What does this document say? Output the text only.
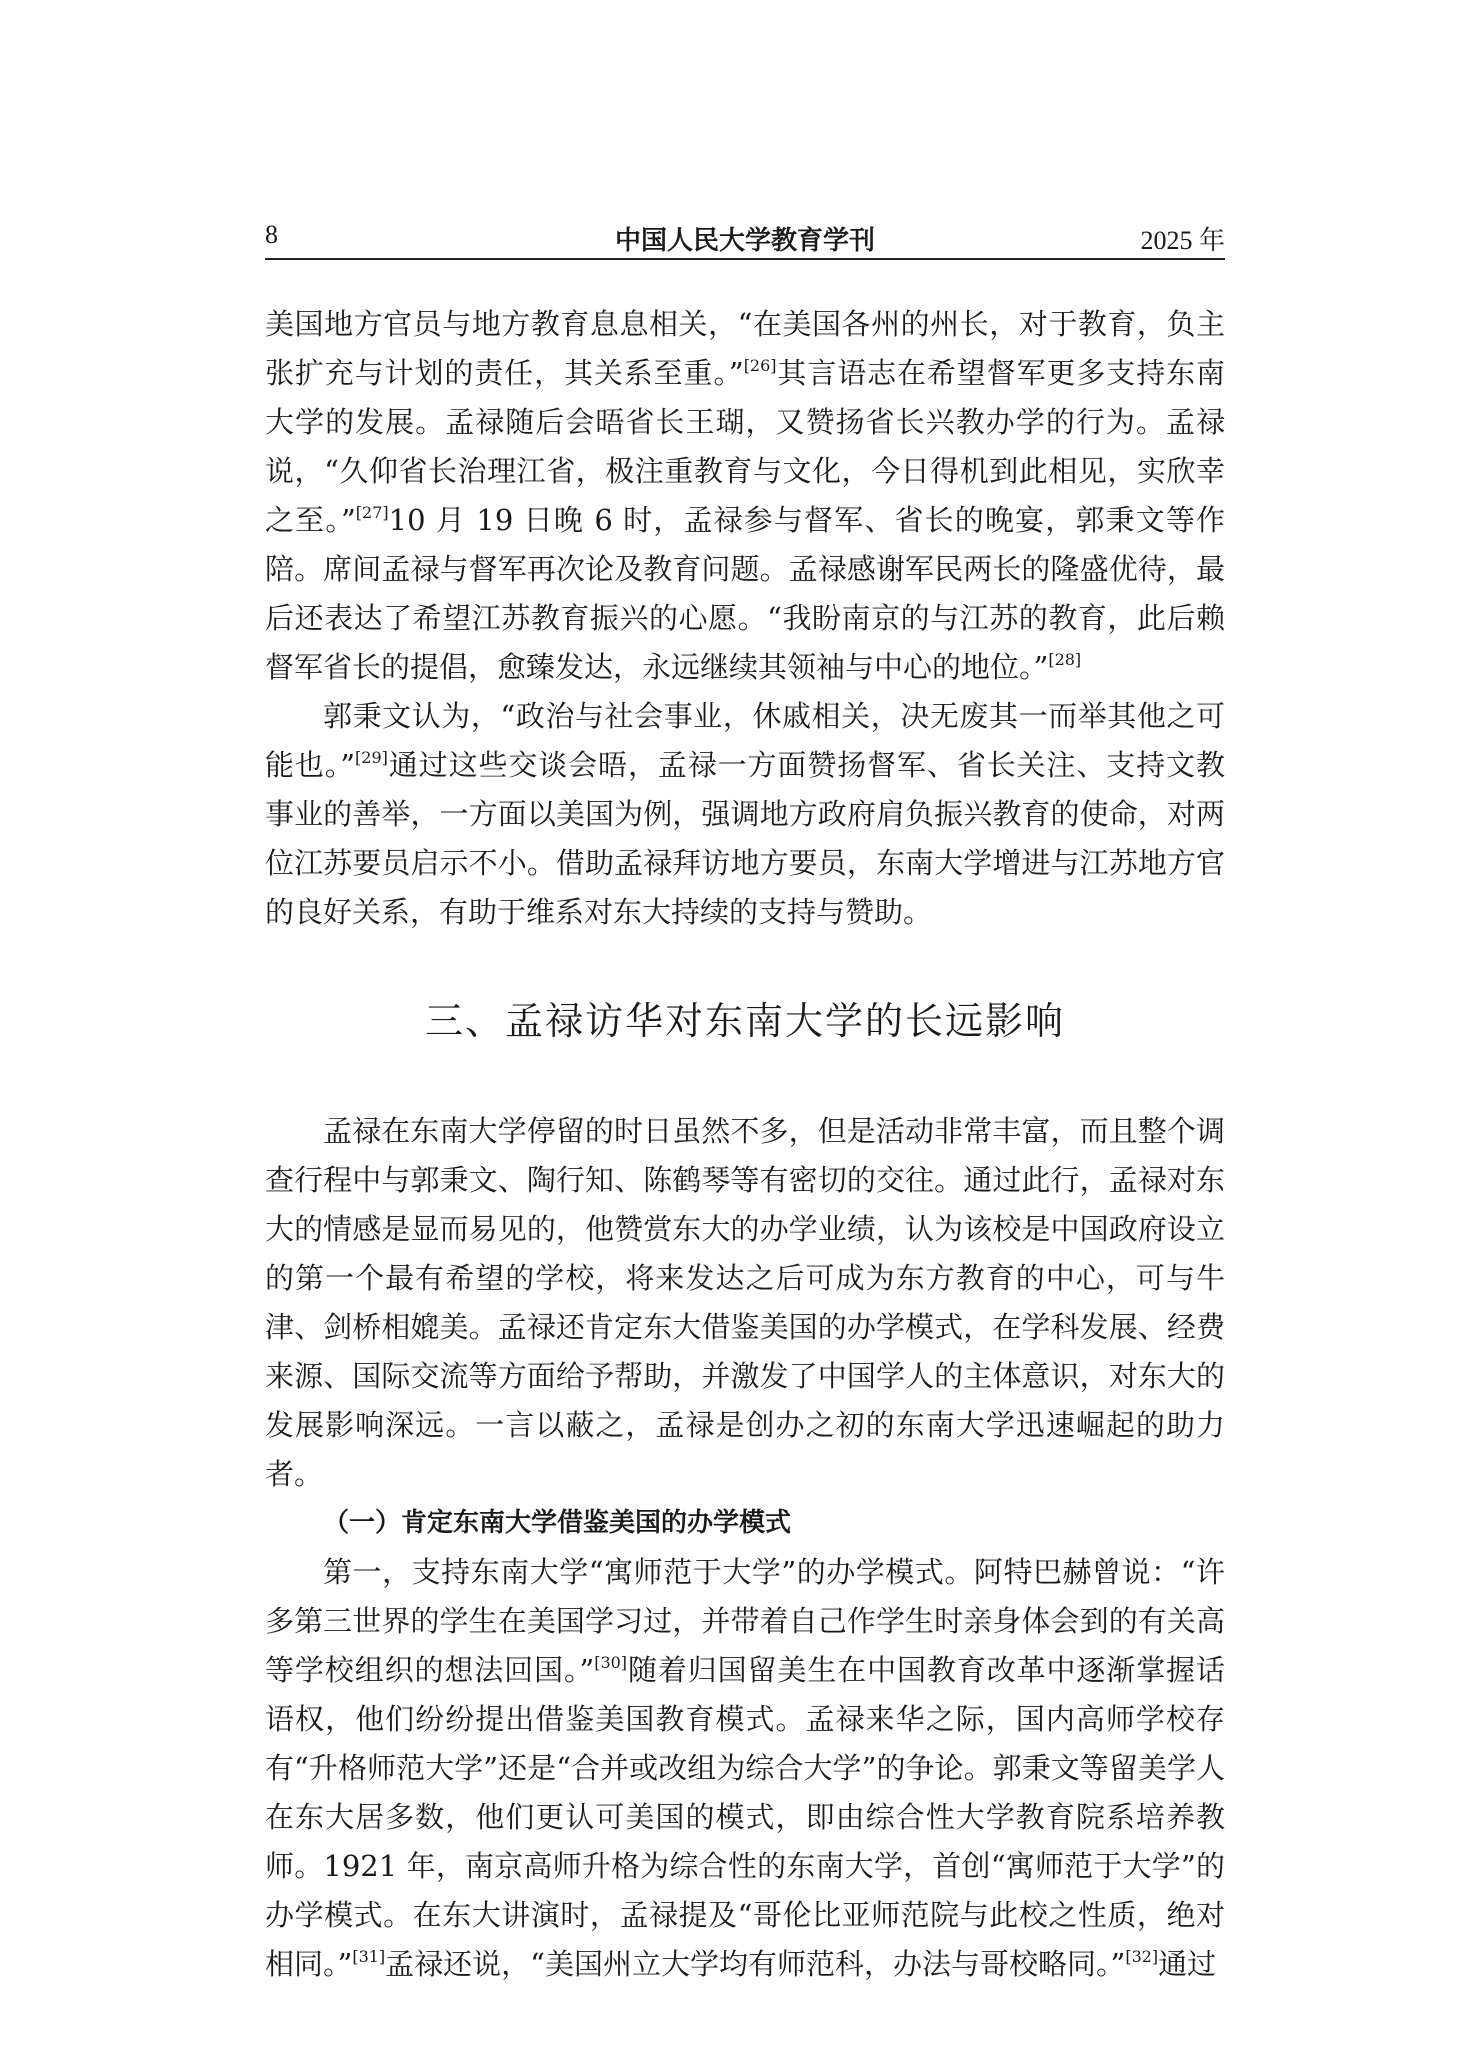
8	中国人民大学教育学刊	2025 年

美国地方官员与地方教育息息相关，“在美国各州的州长，对于教育，负主张扩充与计划的责任，其关系至重。”[26]其言语志在希望督军更多支持东南大学的发展。孟禄随后会晤省长王瑚，又赞扬省长兴教办学的行为。孟禄说，“久仰省长治理江省，极注重教育与文化，今日得机到此相见，实欣幸之至。”[27]10 月 19 日晚 6 时，孟禄参与督军、省长的晚宴，郭秉文等作陪。席间孟禄与督军再次论及教育问题。孟禄感谢军民两长的隆盛优待，最后还表达了希望江苏教育振兴的心愿。“我盼南京的与江苏的教育，此后赖督军省长的提倡，愈臻发达，永远继续其领袖与中心的地位。”[28]

郭秉文认为，“政治与社会事业，休戚相关，决无废其一而举其他之可能也。”[29]通过这些交谈会晤，孟禄一方面赞扬督军、省长关注、支持文教事业的善举，一方面以美国为例，强调地方政府肩负振兴教育的使命，对两位江苏要员启示不小。借助孟禄拜访地方要员，东南大学增进与江苏地方官的良好关系，有助于维系对东大持续的支持与赞助。

三、孟禄访华对东南大学的长远影响

孟禄在东南大学停留的时日虽然不多，但是活动非常丰富，而且整个调查行程中与郭秉文、陶行知、陈鹤琴等有密切的交往。通过此行，孟禄对东大的情感是显而易见的，他赞赏东大的办学业绩，认为该校是中国政府设立的第一个最有希望的学校，将来发达之后可成为东方教育的中心，可与牛津、剑桥相媲美。孟禄还肯定东大借鉴美国的办学模式，在学科发展、经费来源、国际交流等方面给予帮助，并激发了中国学人的主体意识，对东大的发展影响深远。一言以蔽之，孟禄是创办之初的东南大学迅速崛起的助力者。

（一）肯定东南大学借鉴美国的办学模式

第一，支持东南大学“寓师范于大学”的办学模式。阿特巴赫曾说：“许多第三世界的学生在美国学习过，并带着自己作学生时亲身体会到的有关高等学校组织的想法回国。”[30]随着归国留美生在中国教育改革中逐渐掌握话语权，他们纷纷提出借鉴美国教育模式。孟禄来华之际，国内高师学校存有“升格师范大学”还是“合并或改组为综合大学”的争论。郭秉文等留美学人在东大居多数，他们更认可美国的模式，即由综合性大学教育院系培养教师。1921 年，南京高师升格为综合性的东南大学，首创“寓师范于大学”的办学模式。在东大讲演时，孟禄提及“哥伦比亚师范院与此校之性质，绝对相同。”[31]孟禄还说，“美国州立大学均有师范科，办法与哥校略同。”[32]通过
